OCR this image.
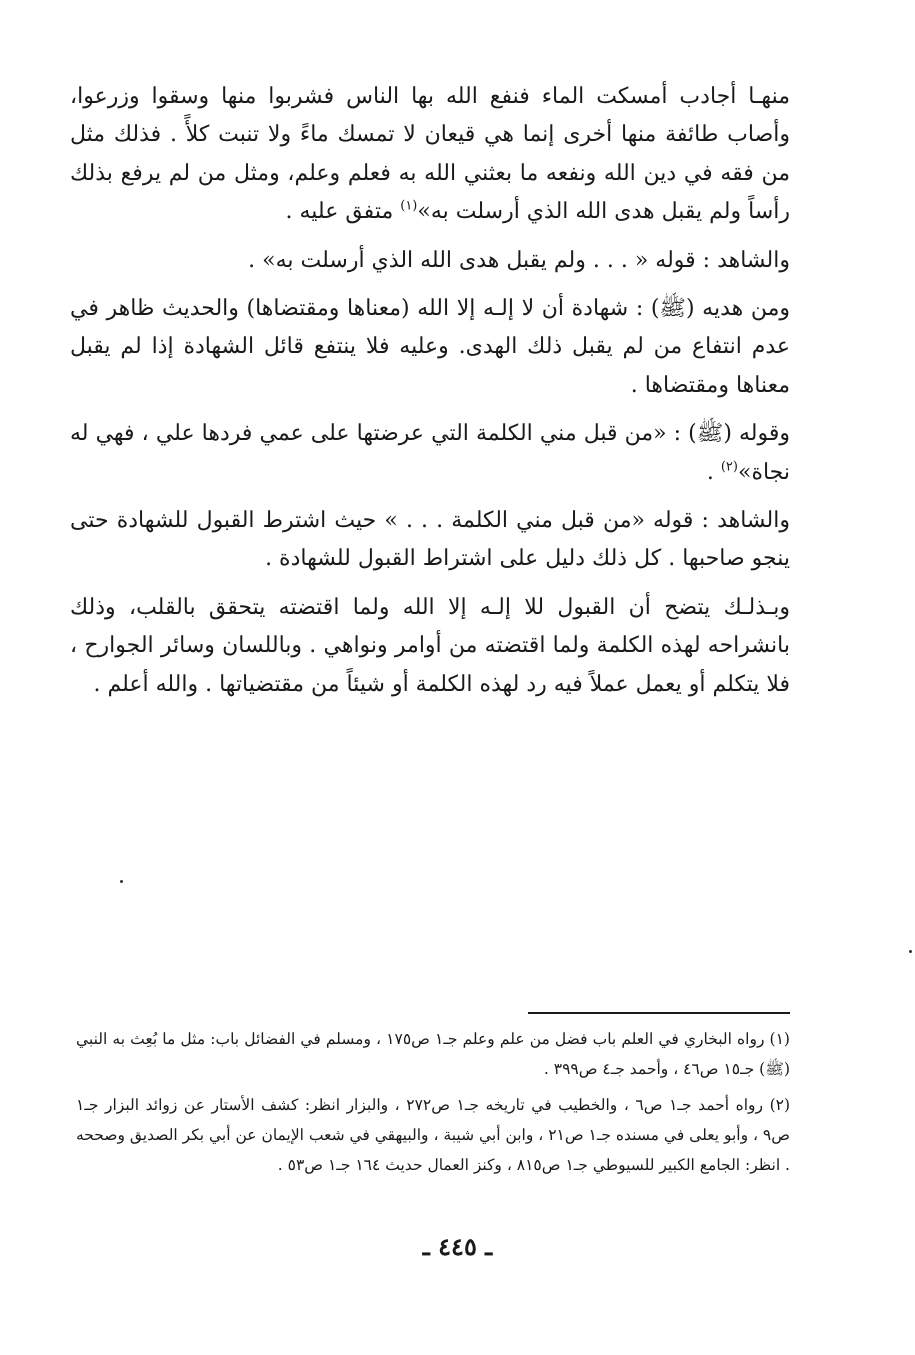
منهـا أجادب أمسكت الماء فنفع الله بها الناس فشربوا منها وسقوا وزرعوا، وأصاب طائفة منها أخرى إنما هي قيعان لا تمسك ماءً ولا تنبت كلأً . فذلك مثل من فقه في دين الله ونفعه ما بعثني الله به فعلم وعلم، ومثل من لم يرفع بذلك رأساً ولم يقبل هدى الله الذي أرسلت به»$^{(١)}$ متفق عليه .

والشاهد : قوله « . . . ولم يقبل هدى الله الذي أرسلت به» .

ومن هديه (ﷺ) : شهادة أن لا إلـه إلا الله (معناها ومقتضاها) والحديث ظاهر في عدم انتفاع من لم يقبل ذلك الهدى. وعليه فلا ينتفع قائل الشهادة إذا لم يقبل معناها ومقتضاها .

وقوله (ﷺ) : «من قبل مني الكلمة التي عرضتها على عمي فردها علي ، فهي له نجاة»$^{(٢)}$ .

والشاهد : قوله «من قبل مني الكلمة . . . » حيث اشترط القبول للشهادة حتى ينجو صاحبها . كل ذلك دليل على اشتراط القبول للشهادة .

وبـذلـك يتضح أن القبول للا إلـه إلا الله ولما اقتضته يتحقق بالقلب، وذلك بانشراحه لهذه الكلمة ولما اقتضته من أوامر ونواهي . وباللسان وسائر الجوارح ، فلا يتكلم أو يعمل عملاً فيه رد لهذه الكلمة أو شيئاً من مقتضياتها . والله أعلم .

(١) رواه البخاري في العلم باب فضل من علم وعلم جـ١ ص١٧٥ ، ومسلم في الفضائل باب: مثل ما بُعِث به النبي (ﷺ) جـ١٥ ص٤٦ ، وأحمد جـ٤ ص٣٩٩ .

(٢) رواه أحمد جـ١ ص٦ ، والخطيب في تاريخه جـ١ ص٢٧٢ ، والبزار انظر: كشف الأستار عن زوائد البزار جـ١ ص٩ ، وأبو يعلى في مسنده جـ١ ص٢١ ، وابن أبي شيبة ، والبيهقي في شعب الإيمان عن أبي بكر الصديق وصححه . انظر: الجامع الكبير للسيوطي جـ١ ص٨١٥ ، وكنز العمال حديث ١٦٤ جـ١ ص٥٣ .

ـ ٤٤٥ ـ
